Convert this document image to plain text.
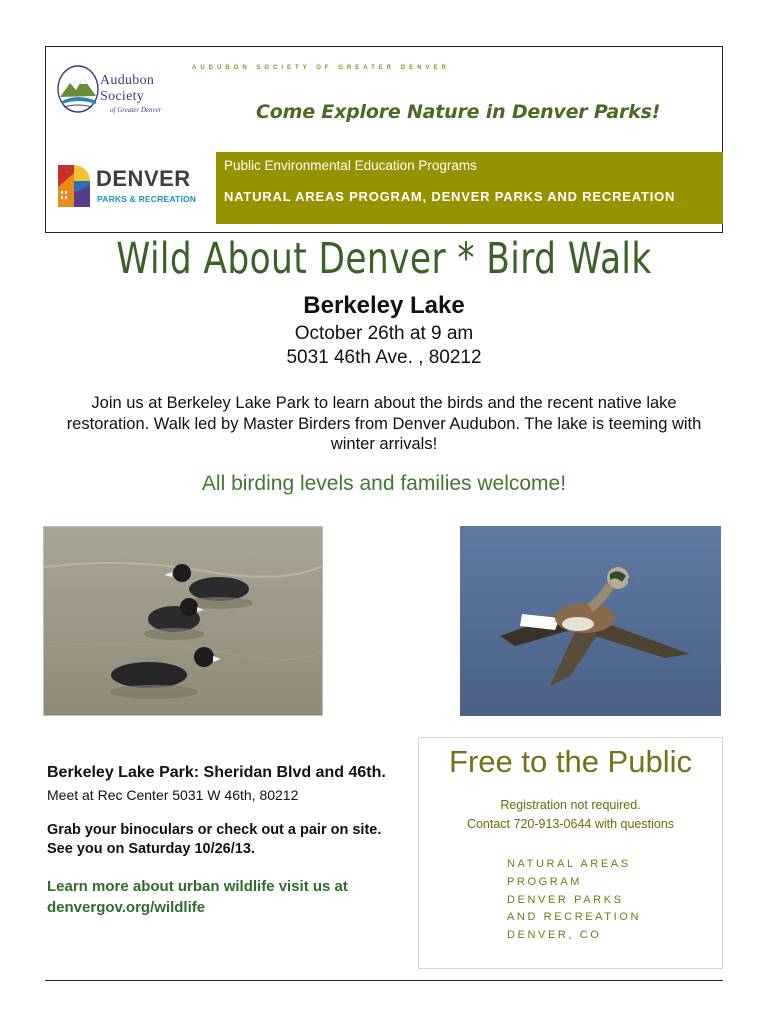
Audubon
Society
of Greater Denver
AUDUBON SOCIETY OF GREATER DENVER
Come Explore Nature in Denver Parks!
Public Environmental Education Programs
NATURAL AREAS PROGRAM, DENVER PARKS AND RECREATION
DENVER
PARKS & RECREATION
Wild About Denver * Bird Walk
Berkeley Lake
October 26th at 9 am
5031 46th Ave. , 80212
Join us at Berkeley Lake Park to learn about the birds and the recent native lake restoration. Walk led by Master Birders from Denver Audubon. The lake is teeming with winter arrivals!
All birding levels and families welcome!
Berkeley Lake Park: Sheridan Blvd and 46th. Meet at Rec Center 5031 W 46th, 80212
Grab your binoculars or check out a pair on site. See you on Saturday 10/26/13.
Learn more about urban wildlife visit us at denvergov.org/wildlife
Free to the Public
Registration not required.
Contact 720-913-0644 with questions
NATURAL AREAS
PROGRAM
DENVER PARKS
AND RECREATION
DENVER, CO
